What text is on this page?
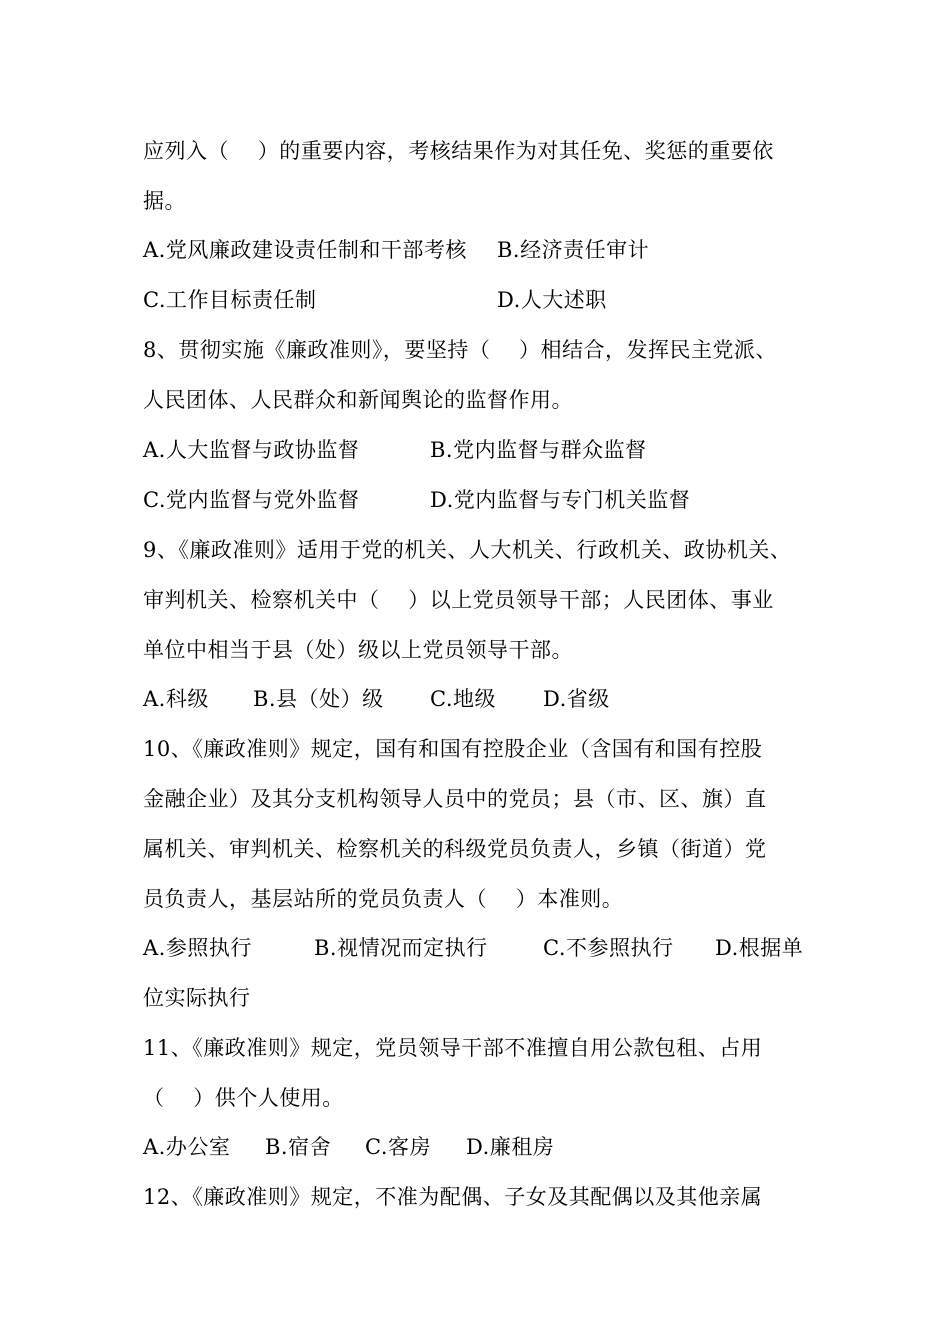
应列入（    ）的重要内容，考核结果作为对其任免、奖惩的重要依
据。
A.党风廉政建设责任制和干部考核 B.经济责任审计
C.工作目标责任制	D.人大述职
8、贯彻实施《廉政准则》，要坚持（    ）相结合，发挥民主党派、
人民团体、人民群众和新闻舆论的监督作用。
A.人大监督与政协监督	B.党内监督与群众监督
C.党内监督与党外监督	D.党内监督与专门机关监督
9、《廉政准则》适用于党的机关、人大机关、行政机关、政协机关、
审判机关、检察机关中（    ）以上党员领导干部；人民团体、事业
单位中相当于县（处）级以上党员领导干部。
A.科级 B.县（处）级 C.地级 D.省级
10、《廉政准则》规定，国有和国有控股企业（含国有和国有控股
金融企业）及其分支机构领导人员中的党员；县（市、区、旗）直
属机关、审判机关、检察机关的科级党员负责人，乡镇（街道）党
员负责人，基层站所的党员负责人（    ）本准则。
A.参照执行	B.视情况而定执行	C.不参照执行 D.根据单
位实际执行
11、《廉政准则》规定，党员领导干部不准擅自用公款包租、占用
（    ）供个人使用。
A.办公室 B.宿舍 C.客房 D.廉租房
12、《廉政准则》规定，不准为配偶、子女及其配偶以及其他亲属
